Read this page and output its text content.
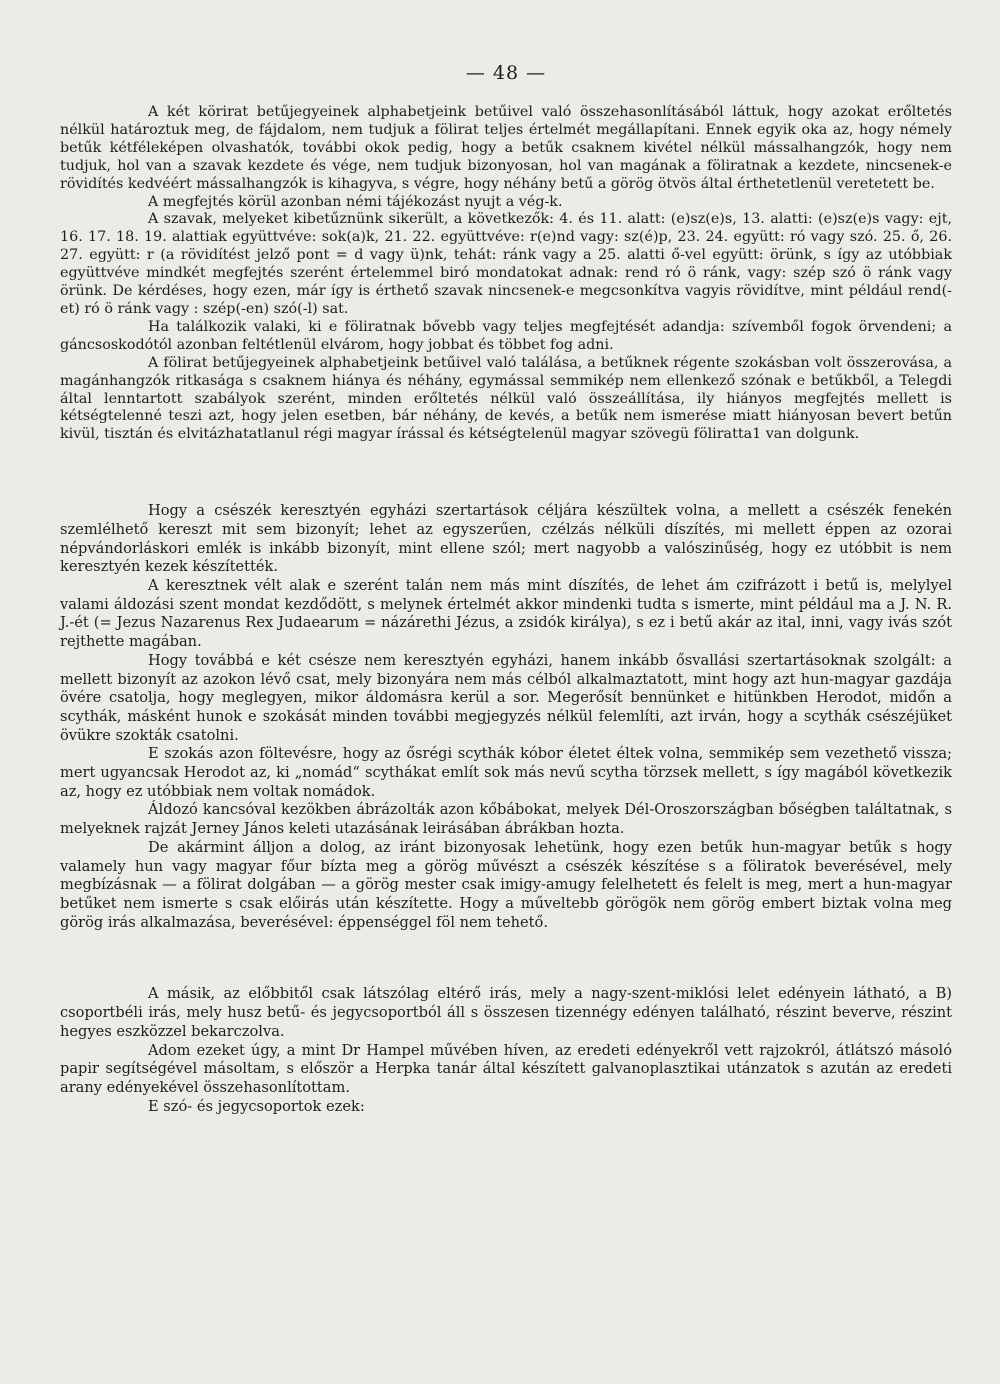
— 48 —

A két körirat betűjegyeinek alphabetjeink betűivel való összehasonlításából láttuk, hogy azokat erőltetés nélkül határoztuk meg, de fájdalom, nem tudjuk a fölirat teljes értelmét megállapítani. Ennek egyik oka az, hogy némely betűk kétféleképen olvashatók, további okok pedig, hogy a betűk csaknem kivétel nélkül mássalhangzók, hogy nem tudjuk, hol van a szavak kezdete és vége, nem tudjuk bizonyosan, hol van magának a föliratnak a kezdete, nincsenek-e rövidítés kedvéért mássalhangzók is kihagyva, s végre, hogy néhány betű a görög ötvös által érthetetlenül veretetett be.

A megfejtés körül azonban némi tájékozást nyujt a vég-k.

A szavak, melyeket kibetűznünk sikerült, a következők: 4. és 11. alatt: (e)sz(e)s, 13. alatti: (e)sz(e)s vagy: ejt, 16. 17. 18. 19. alattiak együttvéve: sok(a)k, 21. 22. együttvéve: r(e)nd vagy: sz(é)p, 23. 24. együtt: ró vagy szó. 25. ő, 26. 27. együtt: r (a rövidítést jelző pont = d vagy ü)nk, tehát: ránk vagy a 25. alatti ő-vel együtt: örünk, s így az utóbbiak együttvéve mindkét megfejtés szerént értelemmel biró mondatokat adnak: rend ró ö ránk, vagy: szép szó ö ránk vagy örünk. De kérdéses, hogy ezen, már így is érthető szavak nincsenek-e megcsonkítva vagyis rövidítve, mint például rend(-et) ró ö ránk vagy : szép(-en) szó(-l) sat.

Ha találkozik valaki, ki e föliratnak bővebb vagy teljes megfejtését adandja: szívemből fogok örvendeni; a gáncsoskodótól azonban feltétlenül elvárom, hogy jobbat és többet fog adni.

A fölirat betűjegyeinek alphabetjeink betűivel való találása, a betűknek régente szokásban volt összerovása, a magánhangzók ritkasága s csaknem hiánya és néhány, egymással semmikép nem ellenkező szónak e betűkből, a Telegdi által lenntartott szabályok szerént, minden erőltetés nélkül való összeállítása, ily hiányos megfejtés mellett is kétségtelenné teszi azt, hogy jelen esetben, bár néhány, de kevés, a betűk nem ismerése miatt hiányosan bevert betűn kivül, tisztán és elvitázhatatlanul régi magyar írással és kétségtelenül magyar szövegü föliratta1 van dolgunk.

Hogy a csészék keresztyén egyházi szertartások céljára készültek volna, a mellett a csészék fenekén szemlélhető kereszt mit sem bizonyít; lehet az egyszerűen, czélzás nélküli díszítés, mi mellett éppen az ozorai népvándorláskori emlék is inkább bizonyít, mint ellene szól; mert nagyobb a valószinűség, hogy ez utóbbit is nem keresztyén kezek készítették.

A keresztnek vélt alak e szerént talán nem más mint díszítés, de lehet ám czifrázott i betű is, melylyel valami áldozási szent mondat kezdődött, s melynek értelmét akkor mindenki tudta s ismerte, mint például ma a J. N. R. J.-ét (= Jezus Nazarenus Rex Judaearum = názárethi Jézus, a zsidók királya), s ez i betű akár az ital, inni, vagy ivás szót rejthette magában.

Hogy továbbá e két csésze nem keresztyén egyházi, hanem inkább ősvallási szertartásoknak szolgált: a mellett bizonyít az azokon lévő csat, mely bizonyára nem más célból alkalmaztatott, mint hogy azt hun-magyar gazdája övére csatolja, hogy meglegyen, mikor áldomásra kerül a sor. Megerősít bennünket e hitünkben Herodot, midőn a scythák, másként hunok e szokását minden további megjegyzés nélkül felemlíti, azt irván, hogy a scythák csészéjüket övükre szokták csatolni.

E szokás azon föltevésre, hogy az ősrégi scythák kóbor életet éltek volna, semmikép sem vezethető vissza; mert ugyancsak Herodot az, ki „nomád“ scythákat említ sok más nevű scytha törzsek mellett, s így magából következik az, hogy ez utóbbiak nem voltak nomádok.

Áldozó kancsóval kezökben ábrázolták azon kőbábokat, melyek Dél-Oroszországban bőségben találtatnak, s melyeknek rajzát Jerney János keleti utazásának leirásában ábrákban hozta.

De akármint álljon a dolog, az iránt bizonyosak lehetünk, hogy ezen betűk hun-magyar betűk s hogy valamely hun vagy magyar főur bízta meg a görög művészt a csészék készítése s a föliratok beverésével, mely megbízásnak — a fölirat dolgában — a görög mester csak imigy-amugy felelhetett és felelt is meg, mert a hun-magyar betűket nem ismerte s csak előirás után készítette. Hogy a műveltebb görögök nem görög embert biztak volna meg görög irás alkalmazása, beverésével: éppenséggel föl nem tehető.

A másik, az előbbitől csak látszólag eltérő irás, mely a nagy-szent-miklósi lelet edényein látható, a B) csoportbéli irás, mely husz betű- és jegycsoportból áll s összesen tizennégy edényen található, részint beverve, részint hegyes eszközzel bekarczolva.

Adom ezeket úgy, a mint Dr Hampel művében híven, az eredeti edényekről vett rajzokról, átlátszó másoló papir segítségével másoltam, s először a Herpka tanár által készített galvanoplasztikai utánzatok s azután az eredeti arany edényekével összehasonlítottam.

E szó- és jegycsoportok ezek:
